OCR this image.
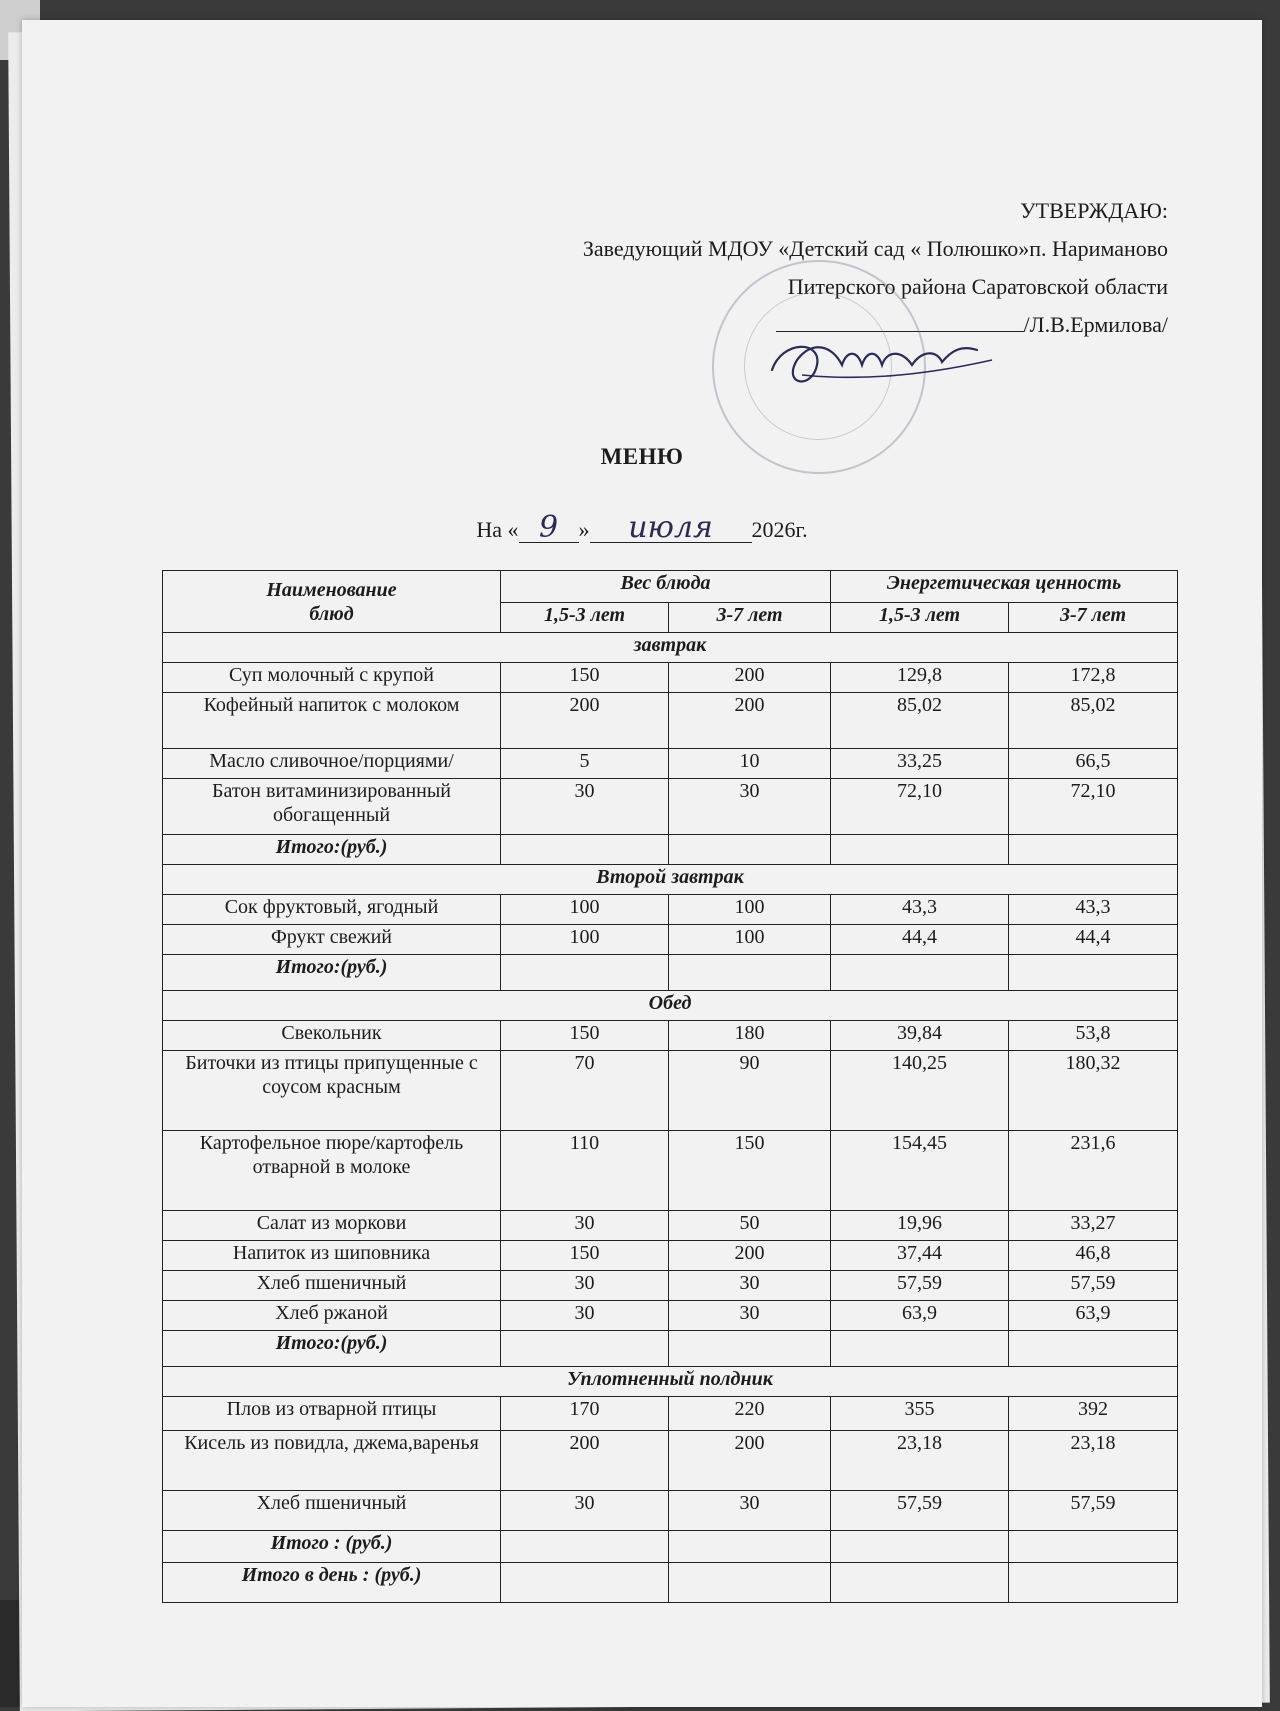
УТВЕРЖДАЮ:
Заведующий МДОУ «Детский сад « Полюшко»п. Нариманово
Питерского района Саратовской области
/Л.В.Ермилова/
МЕНЮ
На « 9 » июля 2026г.
Наименование блюд	Вес блюда		Энергетическая ценность	
	1,5-3 лет	3-7 лет	1,5-3 лет	3-7 лет
завтрак				
Суп молочный с крупой	150	200	129,8	172,8
Кофейный напиток с молоком	200	200	85,02	85,02
Масло сливочное/порциями/	5	10	33,25	66,5
Батон витаминизированный обогащенный	30	30	72,10	72,10
Итого:(руб.)				
Второй завтрак				
Сок фруктовый, ягодный	100	100	43,3	43,3
Фрукт свежий	100	100	44,4	44,4
Итого:(руб.)				
Обед				
Свекольник	150	180	39,84	53,8
Биточки из птицы припущенные с соусом красным	70	90	140,25	180,32
Картофельное пюре/картофель отварной в молоке	110	150	154,45	231,6
Салат из моркови	30	50	19,96	33,27
Напиток из шиповника	150	200	37,44	46,8
Хлеб пшеничный	30	30	57,59	57,59
Хлеб ржаной	30	30	63,9	63,9
Итого:(руб.)				
Уплотненный полдник				
Плов из отварной птицы	170	220	355	392
Кисель из повидла, джема,варенья	200	200	23,18	23,18
Хлеб пшеничный	30	30	57,59	57,59
Итого : (руб.)				
Итого в день : (руб.)				
